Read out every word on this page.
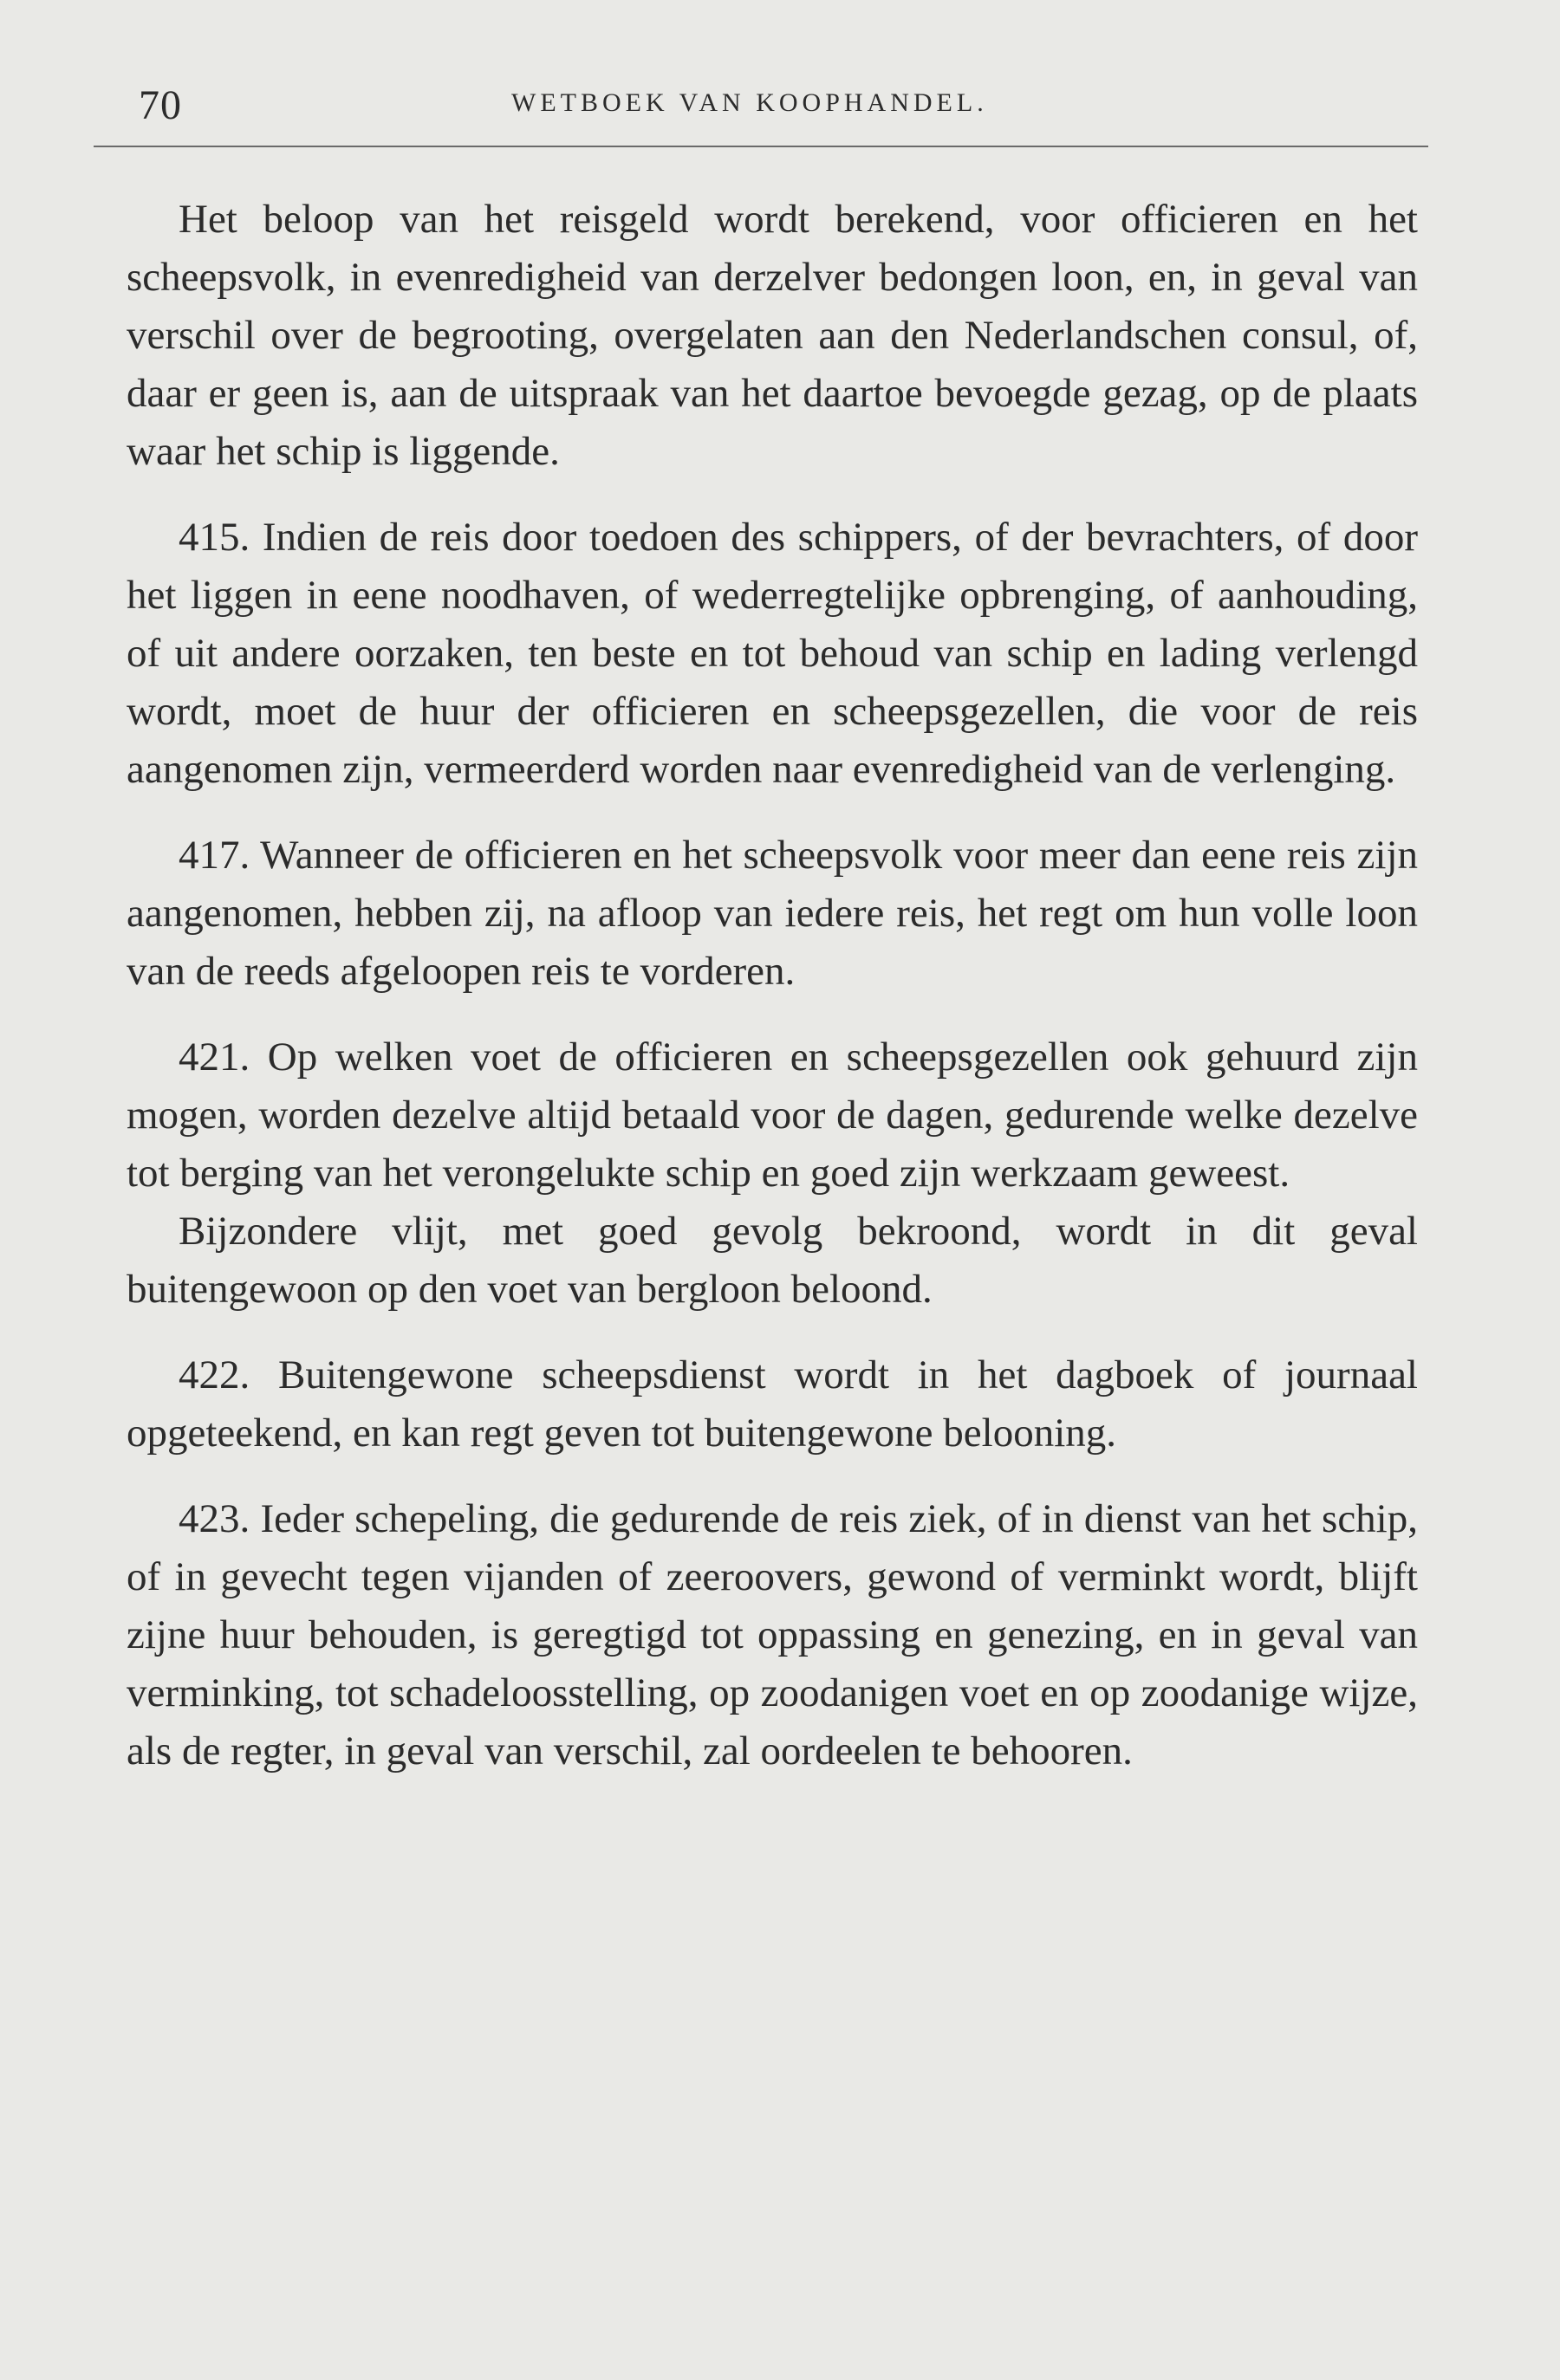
70	WETBOEK VAN KOOPHANDEL.

Het beloop van het reisgeld wordt berekend, voor officieren en het scheepsvolk, in evenredigheid van derzelver bedongen loon, en, in geval van verschil over de begrooting, overgelaten aan den Nederlandschen consul, of, daar er geen is, aan de uitspraak van het daartoe bevoegde gezag, op de plaats waar het schip is liggende.

415. Indien de reis door toedoen des schippers, of der bevrachters, of door het liggen in eene noodhaven, of wederregtelijke opbrenging, of aanhouding, of uit andere oorzaken, ten beste en tot behoud van schip en lading verlengd wordt, moet de huur der officieren en scheepsgezellen, die voor de reis aangenomen zijn, vermeerderd worden naar evenredigheid van de verlenging.

417. Wanneer de officieren en het scheepsvolk voor meer dan eene reis zijn aangenomen, hebben zij, na afloop van iedere reis, het regt om hun volle loon van de reeds afgeloopen reis te vorderen.

421. Op welken voet de officieren en scheepsgezellen ook gehuurd zijn mogen, worden dezelve altijd betaald voor de dagen, gedurende welke dezelve tot berging van het verongelukte schip en goed zijn werkzaam geweest.

Bijzondere vlijt, met goed gevolg bekroond, wordt in dit geval buitengewoon op den voet van bergloon beloond.

422. Buitengewone scheepsdienst wordt in het dagboek of journaal opgeteekend, en kan regt geven tot buitengewone belooning.

423. Ieder schepeling, die gedurende de reis ziek, of in dienst van het schip, of in gevecht tegen vijanden of zeeroovers, gewond of verminkt wordt, blijft zijne huur behouden, is geregtigd tot oppassing en genezing, en in geval van verminking, tot schadeloosstelling, op zoodanigen voet en op zoodanige wijze, als de regter, in geval van verschil, zal oordeelen te behooren.
